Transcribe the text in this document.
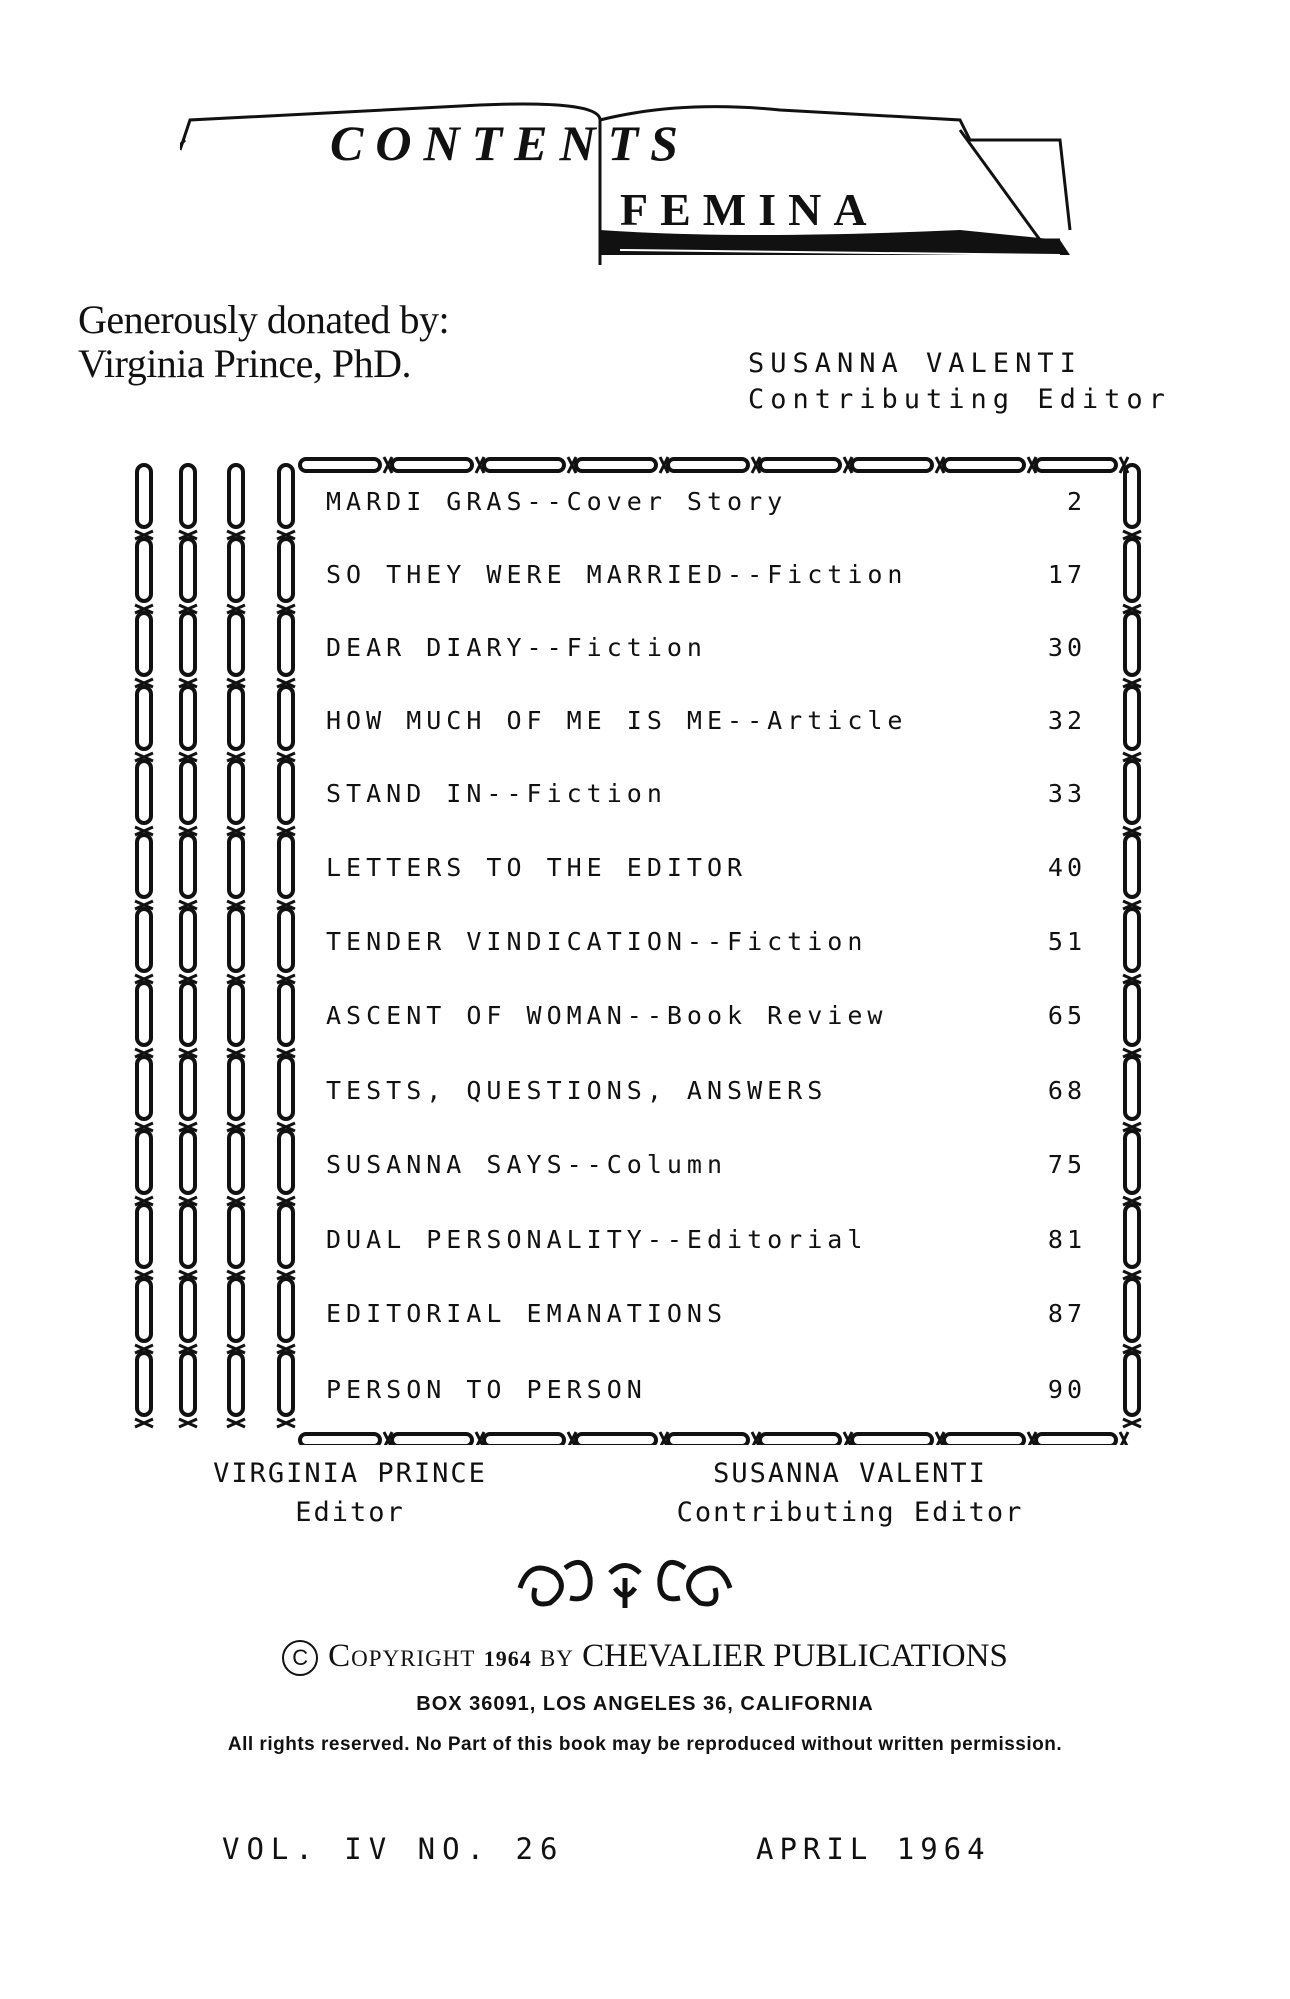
CONTENTS
FEMINA
Generously donated by:
Virginia Prince, PhD.	SUSANNA VALENTI
Contributing Editor
MARDI GRAS--Cover Story	2
SO THEY WERE MARRIED--Fiction	17
DEAR DIARY--Fiction	30
HOW MUCH OF ME IS ME--Article	32
STAND IN--Fiction	33
LETTERS TO THE EDITOR	40
TENDER VINDICATION--Fiction	51
ASCENT OF WOMAN--Book Review	65
TESTS, QUESTIONS, ANSWERS	68
SUSANNA SAYS--Column	75
DUAL PERSONALITY--Editorial	81
EDITORIAL EMANATIONS	87
PERSON TO PERSON	90
VIRGINIA PRINCE
Editor
SUSANNA VALENTI
Contributing Editor
C Copyright 1964 by CHEVALIER PUBLICATIONS
BOX 36091, LOS ANGELES 36, CALIFORNIA
All rights reserved. No Part of this book may be reproduced without written permission.
VOL. IV NO. 26	APRIL 1964
